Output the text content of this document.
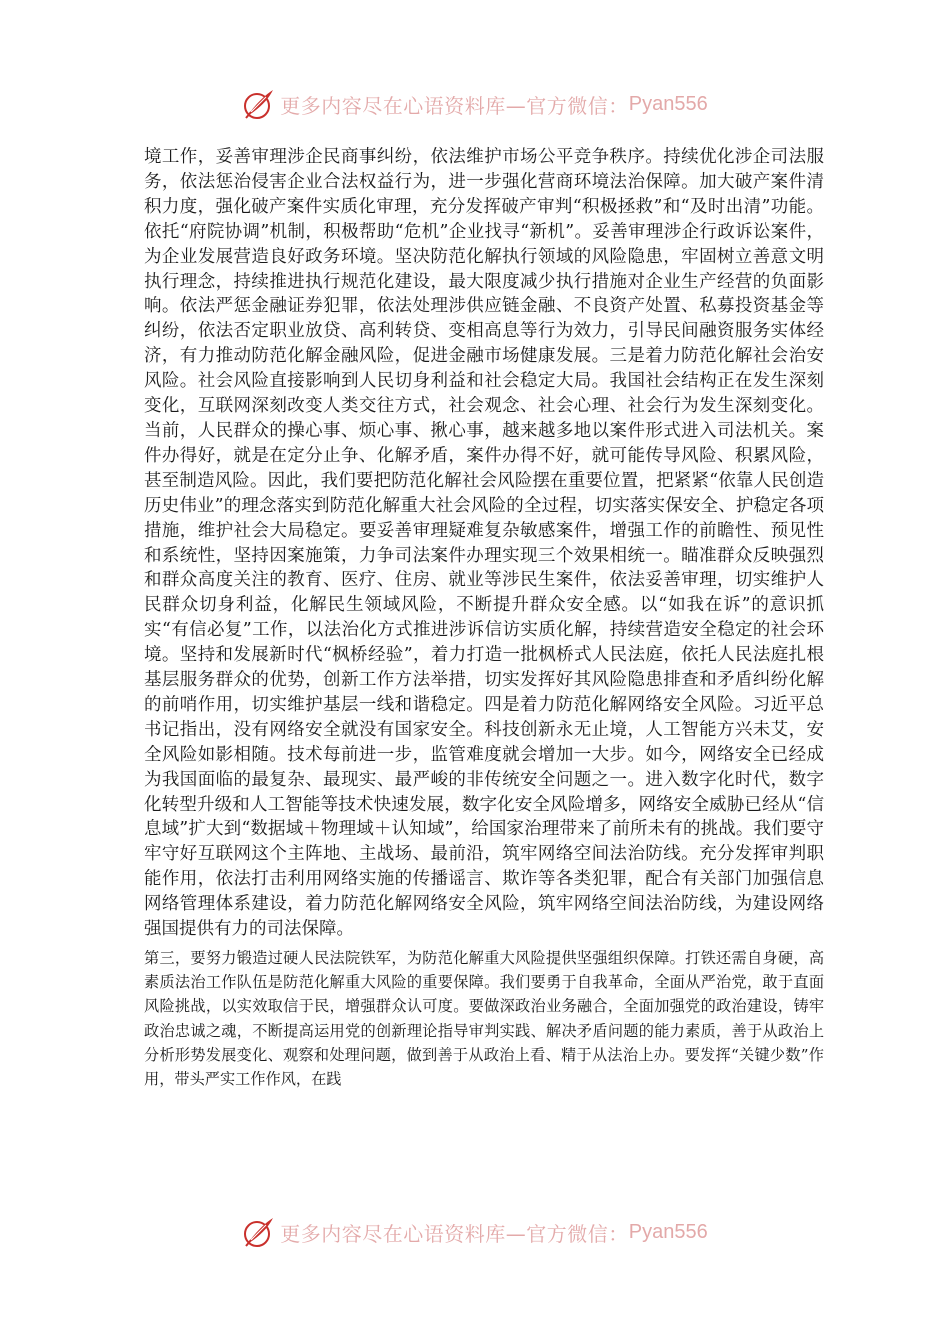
更多内容尽在心语资料库—官方微信： Pyan556

境工作，妥善审理涉企民商事纠纷，依法维护市场公平竞争秩序。持续优化涉企司法服务，依法惩治侵害企业合法权益行为，进一步强化营商环境法治保障。加大破产案件清积力度，强化破产案件实质化审理，充分发挥破产审判“积极拯救”和“及时出清”功能。依托“府院协调”机制，积极帮助“危机”企业找寻“新机”。妥善审理涉企行政诉讼案件，为企业发展营造良好政务环境。坚决防范化解执行领域的风险隐患，牢固树立善意文明执行理念，持续推进执行规范化建设，最大限度减少执行措施对企业生产经营的负面影响。依法严惩金融证券犯罪，依法处理涉供应链金融、不良资产处置、私募投资基金等纠纷，依法否定职业放贷、高利转贷、变相高息等行为效力，引导民间融资服务实体经济，有力推动防范化解金融风险，促进金融市场健康发展。三是着力防范化解社会治安风险。社会风险直接影响到人民切身利益和社会稳定大局。我国社会结构正在发生深刻变化，互联网深刻改变人类交往方式，社会观念、社会心理、社会行为发生深刻变化。当前，人民群众的操心事、烦心事、揪心事，越来越多地以案件形式进入司法机关。案件办得好，就是在定分止争、化解矛盾，案件办得不好，就可能传导风险、积累风险，甚至制造风险。因此，我们要把防范化解社会风险摆在重要位置，把紧紧“依靠人民创造历史伟业”的理念落实到防范化解重大社会风险的全过程，切实落实保安全、护稳定各项措施，维护社会大局稳定。要妥善审理疑难复杂敏感案件，增强工作的前瞻性、预见性和系统性，坚持因案施策，力争司法案件办理实现三个效果相统一。瞄准群众反映强烈和群众高度关注的教育、医疗、住房、就业等涉民生案件，依法妥善审理，切实维护人民群众切身利益，化解民生领域风险，不断提升群众安全感。以“如我在诉”的意识抓实“有信必复”工作，以法治化方式推进涉诉信访实质化解，持续营造安全稳定的社会环境。坚持和发展新时代“枫桥经验”，着力打造一批枫桥式人民法庭，依托人民法庭扎根基层服务群众的优势，创新工作方法举措，切实发挥好其风险隐患排查和矛盾纠纷化解的前哨作用，切实维护基层一线和谐稳定。四是着力防范化解网络安全风险。习近平总书记指出，没有网络安全就没有国家安全。科技创新永无止境，人工智能方兴未艾，安全风险如影相随。技术每前进一步，监管难度就会增加一大步。如今，网络安全已经成为我国面临的最复杂、最现实、最严峻的非传统安全问题之一。进入数字化时代，数字化转型升级和人工智能等技术快速发展，数字化安全风险增多，网络安全威胁已经从“信息域”扩大到“数据域＋物理域＋认知域”，给国家治理带来了前所未有的挑战。我们要守牢守好互联网这个主阵地、主战场、最前沿，筑牢网络空间法治防线。充分发挥审判职能作用，依法打击利用网络实施的传播谣言、欺诈等各类犯罪，配合有关部门加强信息网络管理体系建设，着力防范化解网络安全风险，筑牢网络空间法治防线，为建设网络强国提供有力的司法保障。

第三，要努力锻造过硬人民法院铁军，为防范化解重大风险提供坚强组织保障。打铁还需自身硬，高素质法治工作队伍是防范化解重大风险的重要保障。我们要勇于自我革命，全面从严治党，敢于直面风险挑战，以实效取信于民，增强群众认可度。要做深政治业务融合，全面加强党的政治建设，铸牢政治忠诚之魂，不断提高运用党的创新理论指导审判实践、解决矛盾问题的能力素质，善于从政治上分析形势发展变化、观察和处理问题，做到善于从政治上看、精于从法治上办。要发挥“关键少数”作用，带头严实工作作风，在践

更多内容尽在心语资料库—官方微信： Pyan556
